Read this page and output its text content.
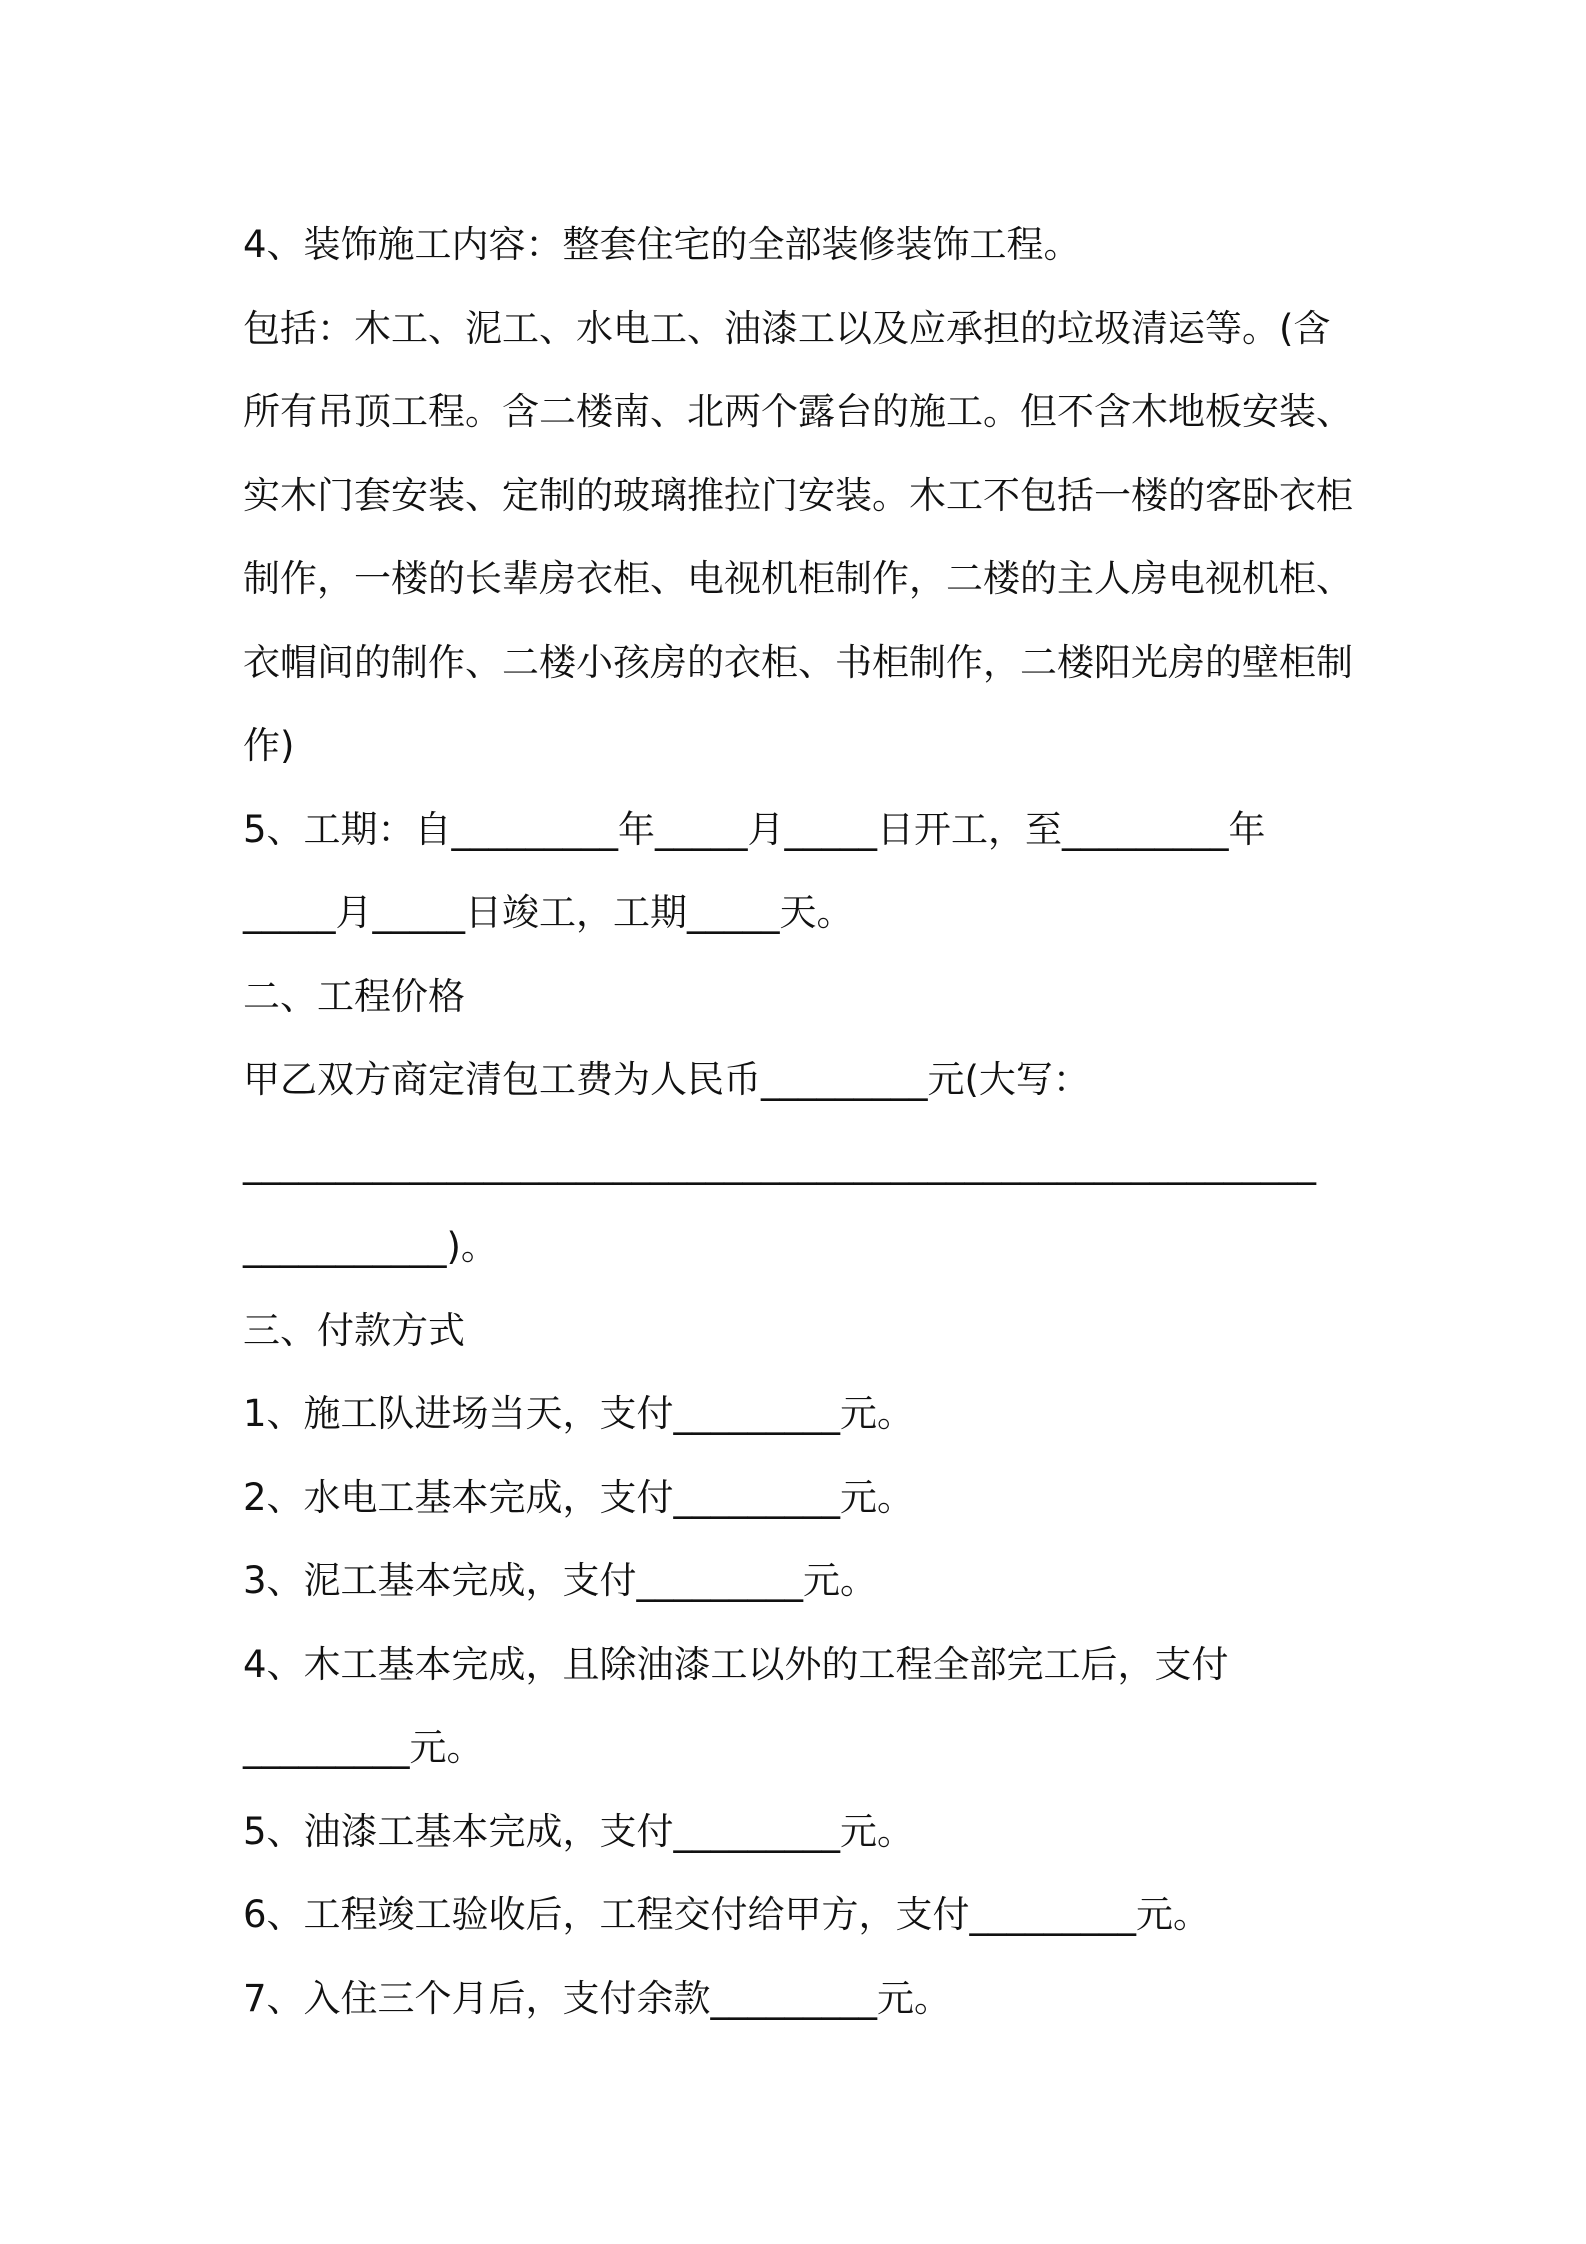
4、装饰施工内容：整套住宅的全部装修装饰工程。

包括：木工、泥工、水电工、油漆工以及应承担的垃圾清运等。(含

所有吊顶工程。含二楼南、北两个露台的施工。但不含木地板安装、

实木门套安装、定制的玻璃推拉门安装。木工不包括一楼的客卧衣柜

制作，一楼的长辈房衣柜、电视机柜制作，二楼的主人房电视机柜、

衣帽间的制作、二楼小孩房的衣柜、书柜制作，二楼阳光房的壁柜制

作)

5、工期：自_________年_____月_____日开工，至_________年

_____月_____日竣工，工期_____天。

二、工程价格

甲乙双方商定清包工费为人民币_________元(大写：

__________________________________________________________

___________)。

三、付款方式

1、施工队进场当天，支付_________元。

2、水电工基本完成，支付_________元。

3、泥工基本完成，支付_________元。

4、木工基本完成，且除油漆工以外的工程全部完工后，支付

_________元。

5、油漆工基本完成，支付_________元。

6、工程竣工验收后，工程交付给甲方，支付_________元。

7、入住三个月后，支付余款_________元。
